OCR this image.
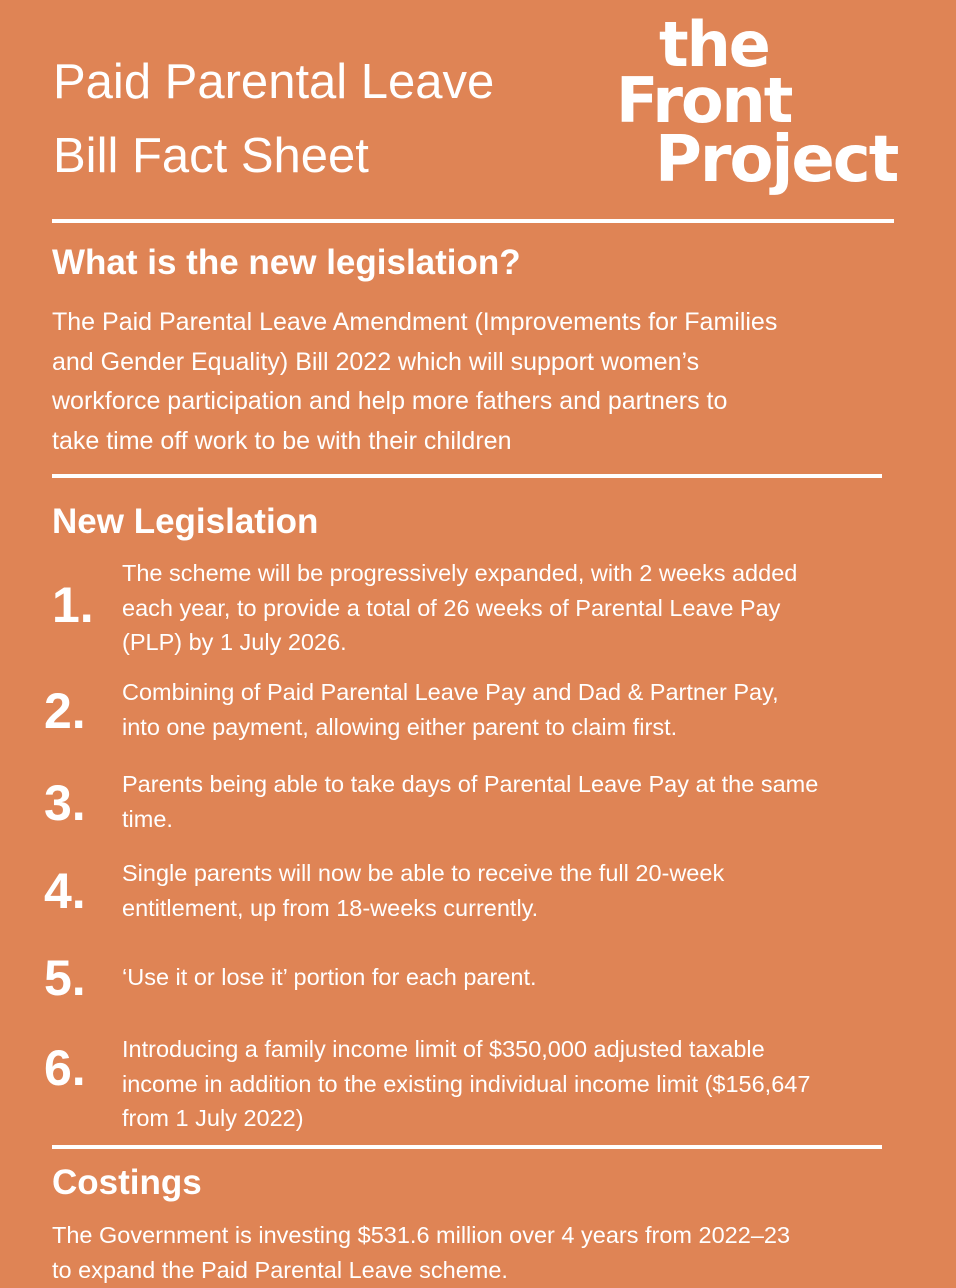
Paid Parental Leave
Bill Fact Sheet
the
Front
Project
What is the new legislation?

The Paid Parental Leave Amendment (Improvements for Families

and Gender Equality) Bill 2022 which will support women’s

workforce participation and help more fathers and partners to

take time off work to be with their children

New Legislation
1.

The scheme will be progressively expanded, with 2 weeks added

each year, to provide a total of 26 weeks of Parental Leave Pay

(PLP) by 1 July 2026.

2. Combining of Paid Parental Leave Pay and Dad & Partner Pay,

into one payment, allowing either parent to claim first.

3. Parents being able to take days of Parental Leave Pay at the same

time.

4. Single parents will now be able to receive the full 20-week

entitlement, up from 18-weeks currently.

5. ‘Use it or lose it’ portion for each parent.

6. Introducing a family income limit of $350,000 adjusted taxable

income in addition to the existing individual income limit ($156,647

from 1 July 2022)

Costings

The Government is investing $531.6 million over 4 years from 2022–23

to expand the Paid Parental Leave scheme.
